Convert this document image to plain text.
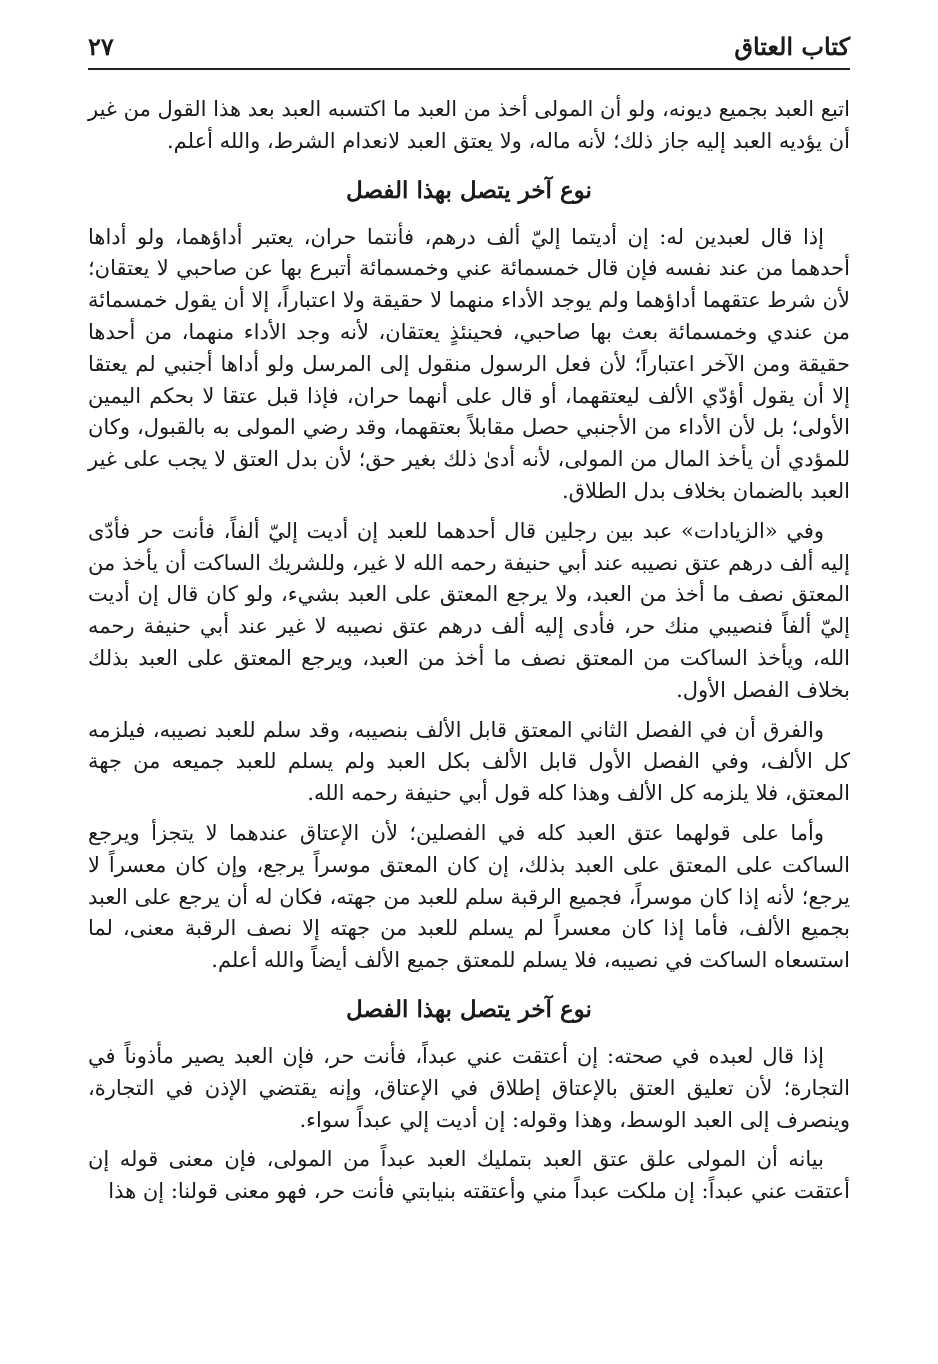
كتاب العتاق
٢٧

اتبع العبد بجميع ديونه، ولو أن المولى أخذ من العبد ما اكتسبه العبد بعد هذا القول من غير أن يؤديه العبد إليه جاز ذلك؛ لأنه ماله، ولا يعتق العبد لانعدام الشرط، والله أعلم.

نوع آخر يتصل بهذا الفصل

إذا قال لعبدين له: إن أديتما إليّ ألف درهم، فأنتما حران، يعتبر أداؤهما، ولو أداها أحدهما من عند نفسه فإن قال خمسمائة عني وخمسمائة أتبرع بها عن صاحبي لا يعتقان؛ لأن شرط عتقهما أداؤهما ولم يوجد الأداء منهما لا حقيقة ولا اعتباراً، إلا أن يقول خمسمائة من عندي وخمسمائة بعث بها صاحبي، فحينئذٍ يعتقان، لأنه وجد الأداء منهما، من أحدها حقيقة ومن الآخر اعتباراً؛ لأن فعل الرسول منقول إلى المرسل ولو أداها أجنبي لم يعتقا إلا أن يقول أؤدّي الألف ليعتقهما، أو قال على أنهما حران، فإذا قبل عتقا لا بحكم اليمين الأولى؛ بل لأن الأداء من الأجنبي حصل مقابلاً بعتقهما، وقد رضي المولى به بالقبول، وكان للمؤدي أن يأخذ المال من المولى، لأنه أدىٰ ذلك بغير حق؛ لأن بدل العتق لا يجب على غير العبد بالضمان بخلاف بدل الطلاق.

وفي «الزيادات» عبد بين رجلين قال أحدهما للعبد إن أديت إليّ ألفاً، فأنت حر فأدّى إليه ألف درهم عتق نصيبه عند أبي حنيفة رحمه الله لا غير، وللشريك الساكت أن يأخذ من المعتق نصف ما أخذ من العبد، ولا يرجع المعتق على العبد بشيء، ولو كان قال إن أديت إليّ ألفاً فنصيبي منك حر، فأدى إليه ألف درهم عتق نصيبه لا غير عند أبي حنيفة رحمه الله، ويأخذ الساكت من المعتق نصف ما أخذ من العبد، ويرجع المعتق على العبد بذلك بخلاف الفصل الأول.

والفرق أن في الفصل الثاني المعتق قابل الألف بنصيبه، وقد سلم للعبد نصيبه، فيلزمه كل الألف، وفي الفصل الأول قابل الألف بكل العبد ولم يسلم للعبد جميعه من جهة المعتق، فلا يلزمه كل الألف وهذا كله قول أبي حنيفة رحمه الله.

وأما على قولهما عتق العبد كله في الفصلين؛ لأن الإعتاق عندهما لا يتجزأ ويرجع الساكت على المعتق على العبد بذلك، إن كان المعتق موسراً يرجع، وإن كان معسراً لا يرجع؛ لأنه إذا كان موسراً، فجميع الرقبة سلم للعبد من جهته، فكان له أن يرجع على العبد بجميع الألف، فأما إذا كان معسراً لم يسلم للعبد من جهته إلا نصف الرقبة معنى، لما استسعاه الساكت في نصيبه، فلا يسلم للمعتق جميع الألف أيضاً والله أعلم.

نوع آخر يتصل بهذا الفصل

إذا قال لعبده في صحته: إن أعتقت عني عبداً، فأنت حر، فإن العبد يصير مأذوناً في التجارة؛ لأن تعليق العتق بالإعتاق إطلاق في الإعتاق، وإنه يقتضي الإذن في التجارة، وينصرف إلى العبد الوسط، وهذا وقوله: إن أديت إلي عبداً سواء.

بيانه أن المولى علق عتق العبد بتمليك العبد عبداً من المولى، فإن معنى قوله إن أعتقت عني عبداً: إن ملكت عبداً مني وأعتقته بنيابتي فأنت حر، فهو معنى قولنا: إن هذا
